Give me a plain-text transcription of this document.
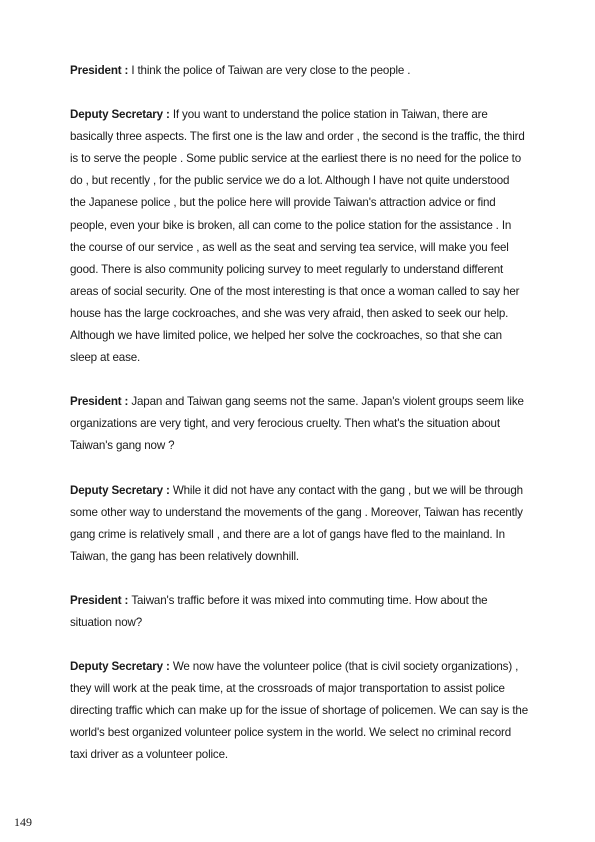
President : I think the police of Taiwan are very close to the people .

Deputy Secretary : If you want to understand the police station in Taiwan, there are basically three aspects. The first one is the law and order , the second is the traffic, the third is to serve the people . Some public service at the earliest there is no need for the police to do , but recently , for the public service we do a lot. Although I have not quite understood the Japanese police , but the police here will provide Taiwan's attraction advice or find people, even your bike is broken, all can come to the police station for the assistance . In the course of our service , as well as the seat and serving tea service, will make you feel good. There is also community policing survey to meet regularly to understand different areas of social security. One of the most interesting is that once a woman called to say her house has the large cockroaches, and she was very afraid, then asked to seek our help. Although we have limited police, we helped her solve the cockroaches, so that she can sleep at ease.

President : Japan and Taiwan gang seems not the same. Japan's violent groups seem like organizations are very tight, and very ferocious cruelty. Then what's the situation about Taiwan's gang now ?

Deputy Secretary : While it did not have any contact with the gang , but we will be through some other way to understand the movements of the gang . Moreover, Taiwan has recently gang crime is relatively small , and there are a lot of gangs have fled to the mainland. In Taiwan, the gang has been relatively downhill.

President : Taiwan's traffic before it was mixed into commuting time. How about the situation now?

Deputy Secretary : We now have the volunteer police (that is civil society organizations) , they will work at the peak time, at the crossroads of major transportation to assist police directing traffic which can make up for the issue of shortage of policemen. We can say is the world's best organized volunteer police system in the world. We select no criminal record taxi driver as a volunteer police.

149
